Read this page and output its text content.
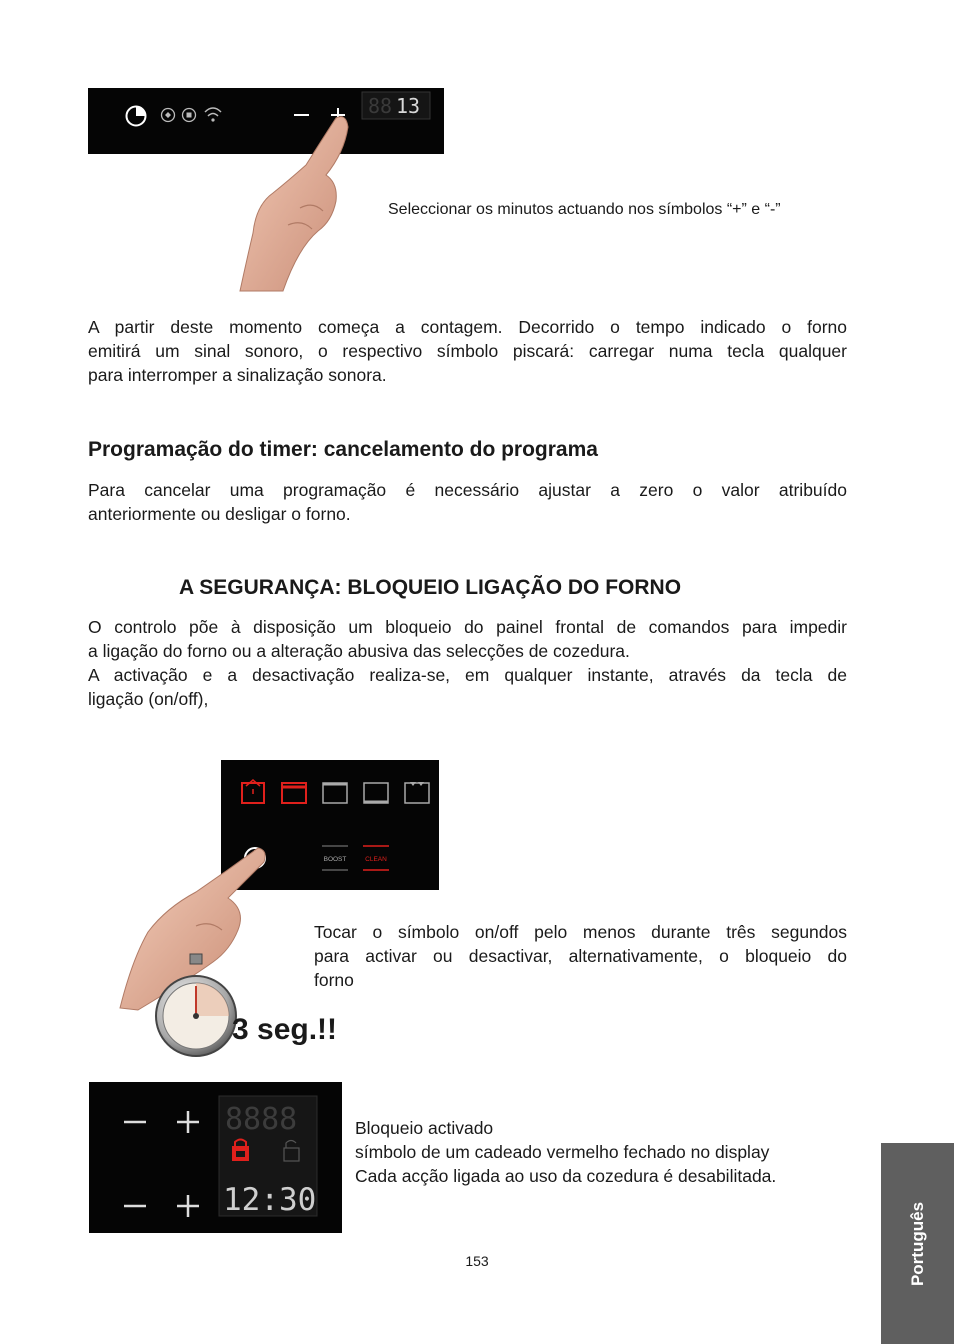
88 13

Seleccionar os minutos actuando nos símbolos “+” e “-”

A partir deste momento começa a contagem. Decorrido o tempo indicado o forno
emitirá um sinal sonoro, o respectivo símbolo piscará: carregar numa tecla qualquer
para interromper a sinalização sonora.

Programação do timer: cancelamento do programa

Para cancelar uma programação é necessário ajustar a zero o valor atribuído
anteriormente ou desligar o forno.

A SEGURANÇA: BLOQUEIO LIGAÇÃO DO FORNO

O controlo põe à disposição um bloqueio do painel frontal de comandos para impedir
a ligação do forno ou a alteração abusiva das selecções de cozedura.
A activação e a desactivação realiza-se, em qualquer instante, através da tecla de
ligação (on/off),

BOOST	CLEAN

Tocar o símbolo on/off pelo menos durante três segundos
para activar ou desactivar, alternativamente, o bloqueio do
forno

3 seg.!!
8888
12:30

Bloqueio activado
símbolo de um cadeado vermelho fechado no display
Cada acção ligada ao uso da cozedura é desabilitada.

153	Português
